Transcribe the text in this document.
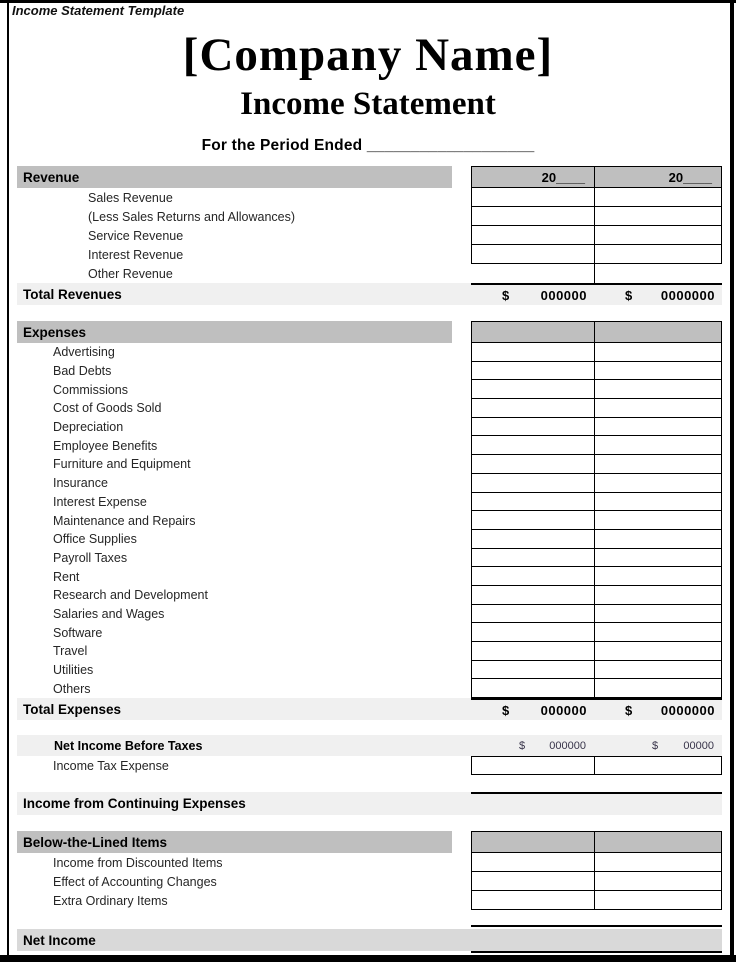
Income Statement Template
[Company Name]
Income Statement
For the Period Ended ___________________
Revenue	20____	20____
Sales Revenue
(Less Sales Returns and Allowances)
Service Revenue
Interest Revenue
Other Revenue
Total Revenues	$ 000000	$ 0000000
Expenses
Advertising
Bad Debts
Commissions
Cost of Goods Sold
Depreciation
Employee Benefits
Furniture and Equipment
Insurance
Interest Expense
Maintenance and Repairs
Office Supplies
Payroll Taxes
Rent
Research and Development
Salaries and Wages
Software
Travel
Utilities
Others
Total Expenses	$ 000000	$ 0000000
Net Income Before Taxes	$ 000000	$ 00000
Income Tax Expense
Income from Continuing Expenses
Below-the-Lined Items
Income from Discounted Items
Effect of Accounting Changes
Extra Ordinary Items
Net Income
